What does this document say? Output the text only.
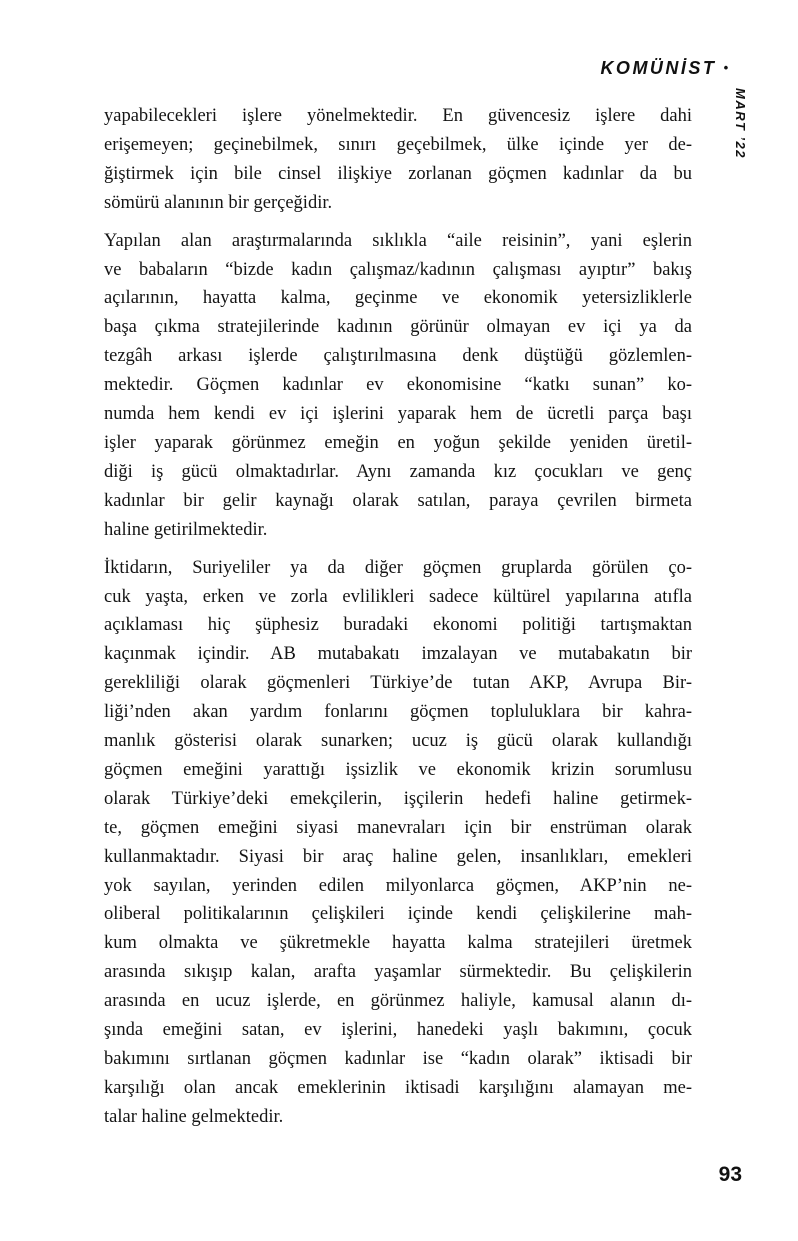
KOMÜNİST •
MART ’22
yapabilecekleri işlere yönelmektedir. En güvencesiz işlere dahi
erişemeyen; geçinebilmek, sınırı geçebilmek, ülke içinde yer de-
ğiştirmek için bile cinsel ilişkiye zorlanan göçmen kadınlar da bu
sömürü alanının bir gerçeğidir.
Yapılan alan araştırmalarında sıklıkla “aile reisinin”, yani eşlerin
ve babaların “bizde kadın çalışmaz/kadının çalışması ayıptır” bakış
açılarının, hayatta kalma, geçinme ve ekonomik yetersizliklerle
başa çıkma stratejilerinde kadının görünür olmayan ev içi ya da
tezgâh arkası işlerde çalıştırılmasına denk düştüğü gözlemlen-
mektedir. Göçmen kadınlar ev ekonomisine “katkı sunan” ko-
numda hem kendi ev içi işlerini yaparak hem de ücretli parça başı
işler yaparak görünmez emeğin en yoğun şekilde yeniden üretil-
diği iş gücü olmaktadırlar. Aynı zamanda kız çocukları ve genç
kadınlar bir gelir kaynağı olarak satılan, paraya çevrilen birmeta
haline getirilmektedir.
İktidarın, Suriyeliler ya da diğer göçmen gruplarda görülen ço-
cuk yaşta, erken ve zorla evlilikleri sadece kültürel yapılarına atıfla
açıklaması hiç şüphesiz buradaki ekonomi politiği tartışmaktan
kaçınmak içindir. AB mutabakatı imzalayan ve mutabakatın bir
gerekliliği olarak göçmenleri Türkiye’de tutan AKP, Avrupa Bir-
liği’nden akan yardım fonlarını göçmen topluluklara bir kahra-
manlık gösterisi olarak sunarken; ucuz iş gücü olarak kullandığı
göçmen emeğini yarattığı işsizlik ve ekonomik krizin sorumlusu
olarak Türkiye’deki emekçilerin, işçilerin hedefi haline getirmek-
te, göçmen emeğini siyasi manevraları için bir enstrüman olarak
kullanmaktadır. Siyasi bir araç haline gelen, insanlıkları, emekleri
yok sayılan, yerinden edilen milyonlarca göçmen, AKP’nin ne-
oliberal politikalarının çelişkileri içinde kendi çelişkilerine mah-
kum olmakta ve şükretmekle hayatta kalma stratejileri üretmek
arasında sıkışıp kalan, arafta yaşamlar sürmektedir. Bu çelişkilerin
arasında en ucuz işlerde, en görünmez haliyle, kamusal alanın dı-
şında emeğini satan, ev işlerini, hanedeki yaşlı bakımını, çocuk
bakımını sırtlanan göçmen kadınlar ise “kadın olarak” iktisadi bir
karşılığı olan ancak emeklerinin iktisadi karşılığını alamayan me-
talar haline gelmektedir.
93
